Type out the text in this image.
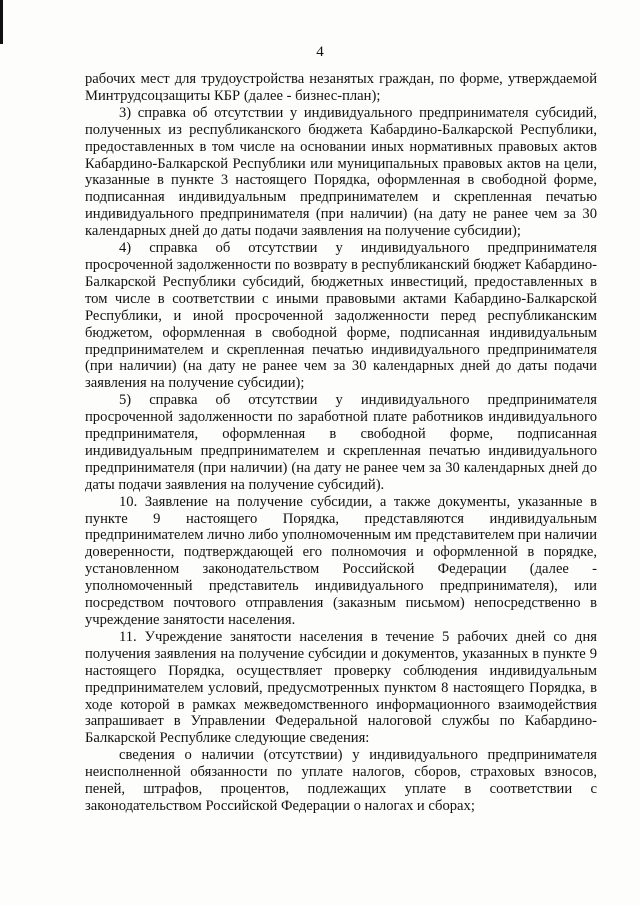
4

рабочих мест для трудоустройства незанятых граждан, по форме, утверждаемой Минтрудсоцзащиты КБР (далее - бизнес-план);

3) справка об отсутствии у индивидуального предпринимателя субсидий, полученных из республиканского бюджета Кабардино-Балкарской Республики, предоставленных в том числе на основании иных нормативных правовых актов Кабардино-Балкарской Республики или муниципальных правовых актов на цели, указанные в пункте 3 настоящего Порядка, оформленная в свободной форме, подписанная индивидуальным предпринимателем и скрепленная печатью индивидуального предпринимателя (при наличии) (на дату не ранее чем за 30 календарных дней до даты подачи заявления на получение субсидии);

4) справка об отсутствии у индивидуального предпринимателя просроченной задолженности по возврату в республиканский бюджет Кабардино-Балкарской Республики субсидий, бюджетных инвестиций, предоставленных в том числе в соответствии с иными правовыми актами Кабардино-Балкарской Республики, и иной просроченной задолженности перед республиканским бюджетом, оформленная в свободной форме, подписанная индивидуальным предпринимателем и скрепленная печатью индивидуального предпринимателя (при наличии) (на дату не ранее чем за 30 календарных дней до даты подачи заявления на получение субсидии);

5) справка об отсутствии у индивидуального предпринимателя просроченной задолженности по заработной плате работников индивидуального предпринимателя, оформленная в свободной форме, подписанная индивидуальным предпринимателем и скрепленная печатью индивидуального предпринимателя (при наличии) (на дату не ранее чем за 30 календарных дней до даты подачи заявления на получение субсидий).

10. Заявление на получение субсидии, а также документы, указанные в пункте 9 настоящего Порядка, представляются индивидуальным предпринимателем лично либо уполномоченным им представителем при наличии доверенности, подтверждающей его полномочия и оформленной в порядке, установленном законодательством Российской Федерации (далее - уполномоченный представитель индивидуального предпринимателя), или посредством почтового отправления (заказным письмом) непосредственно в учреждение занятости населения.

11. Учреждение занятости населения в течение 5 рабочих дней со дня получения заявления на получение субсидии и документов, указанных в пункте 9 настоящего Порядка, осуществляет проверку соблюдения индивидуальным предпринимателем условий, предусмотренных пунктом 8 настоящего Порядка, в ходе которой в рамках межведомственного информационного взаимодействия запрашивает в Управлении Федеральной налоговой службы по Кабардино-Балкарской Республике следующие сведения:

сведения о наличии (отсутствии) у индивидуального предпринимателя неисполненной обязанности по уплате налогов, сборов, страховых взносов, пеней, штрафов, процентов, подлежащих уплате в соответствии с законодательством Российской Федерации о налогах и сборах;
